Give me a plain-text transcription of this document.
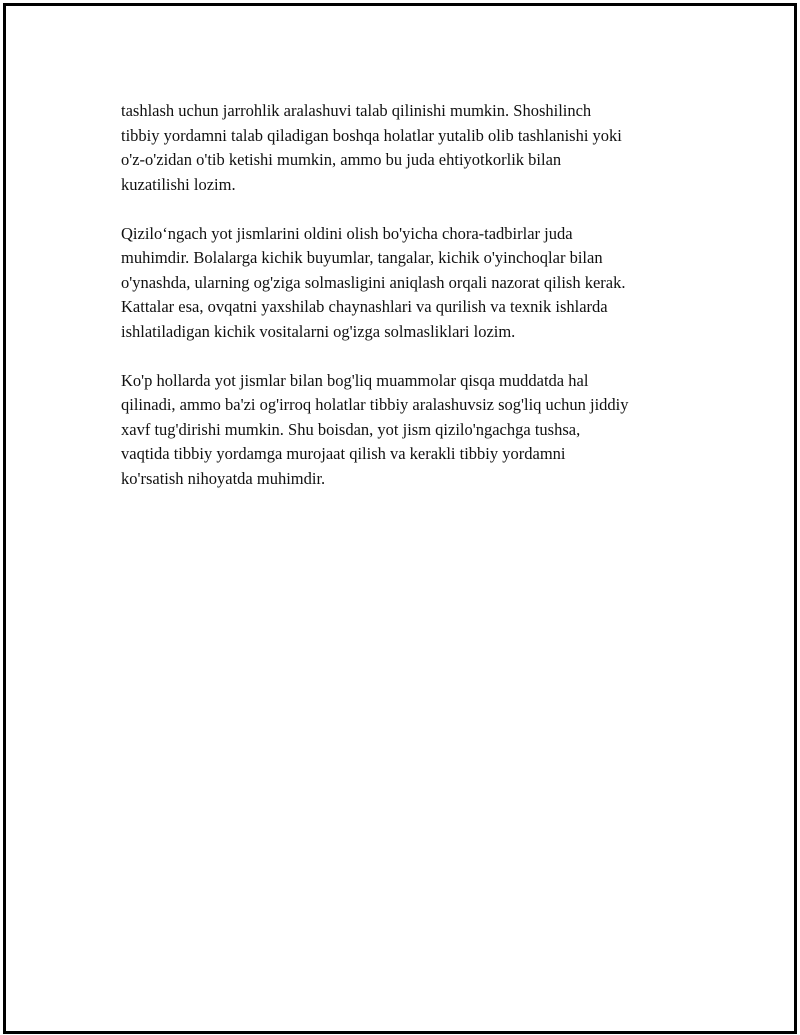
tashlash uchun jarrohlik aralashuvi talab qilinishi mumkin. Shoshilinch
tibbiy yordamni talab qiladigan boshqa holatlar yutalib olib tashlanishi yoki
o'z-o'zidan o'tib ketishi mumkin, ammo bu juda ehtiyotkorlik bilan
kuzatilishi lozim.

Qizilo‘ngach yot jismlarini oldini olish bo'yicha chora-tadbirlar juda
muhimdir. Bolalarga kichik buyumlar, tangalar, kichik o'yinchoqlar bilan
o'ynashda, ularning og'ziga solmasligini aniqlash orqali nazorat qilish kerak.
Kattalar esa, ovqatni yaxshilab chaynashlari va qurilish va texnik ishlarda
ishlatiladigan kichik vositalarni og'izga solmasliklari lozim.

Ko'p hollarda yot jismlar bilan bog'liq muammolar qisqa muddatda hal
qilinadi, ammo ba'zi og'irroq holatlar tibbiy aralashuvsiz sog'liq uchun jiddiy
xavf tug'dirishi mumkin. Shu boisdan, yot jism qizilo'ngachga tushsa,
vaqtida tibbiy yordamga murojaat qilish va kerakli tibbiy yordamni
ko'rsatish nihoyatda muhimdir.
